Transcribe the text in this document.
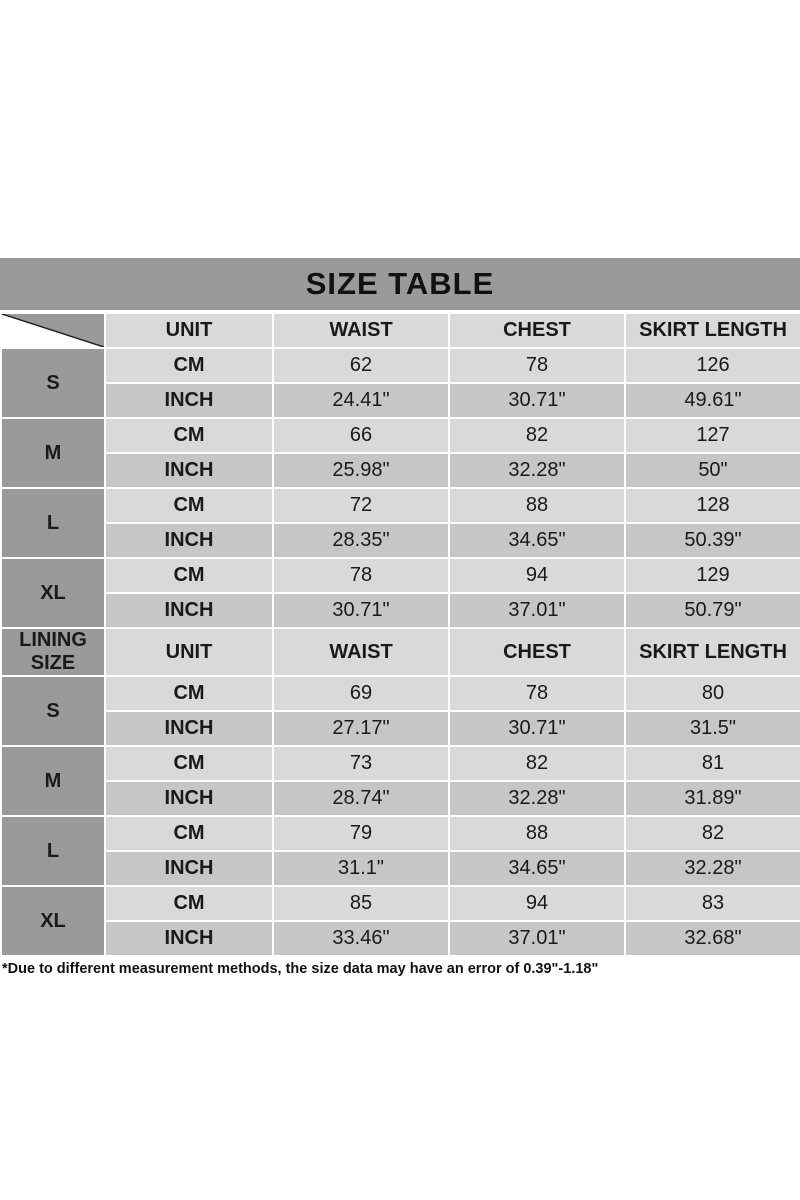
SIZE TABLE
	UNIT	WAIST	CHEST	SKIRT LENGTH
S	CM	62	78	126
	INCH	24.41"	30.71"	49.61"
M	CM	66	82	127
	INCH	25.98"	32.28"	50"
L	CM	72	88	128
	INCH	28.35"	34.65"	50.39"
XL	CM	78	94	129
	INCH	30.71"	37.01"	50.79"
LINING SIZE	UNIT	WAIST	CHEST	SKIRT LENGTH
S	CM	69	78	80
	INCH	27.17"	30.71"	31.5"
M	CM	73	82	81
	INCH	28.74"	32.28"	31.89"
L	CM	79	88	82
	INCH	31.1"	34.65"	32.28"
XL	CM	85	94	83
	INCH	33.46"	37.01"	32.68"
*Due to different measurement methods, the size data may have an error of 0.39"-1.18"
